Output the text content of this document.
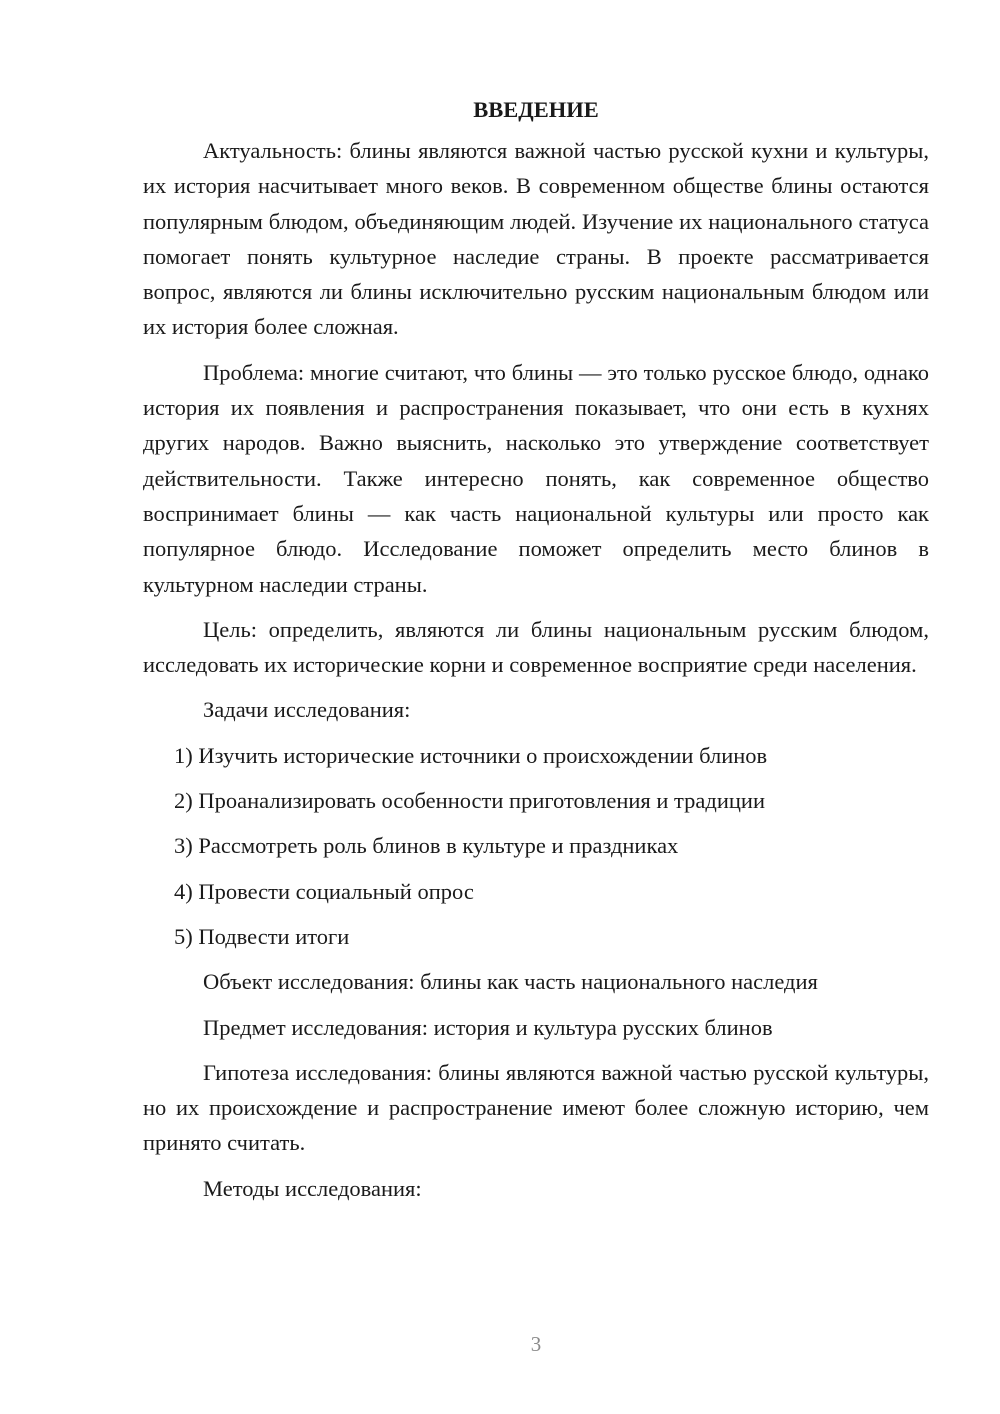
ВВЕДЕНИЕ

Актуальность: блины являются важной частью русской кухни и культуры, их история насчитывает много веков. В современном обществе блины остаются популярным блюдом, объединяющим людей. Изучение их национального статуса помогает понять культурное наследие страны. В проекте рассматривается вопрос, являются ли блины исключительно русским национальным блюдом или их история более сложная.

Проблема: многие считают, что блины — это только русское блюдо, однако история их появления и распространения показывает, что они есть в кухнях других народов. Важно выяснить, насколько это утверждение соответствует действительности. Также интересно понять, как современное общество воспринимает блины — как часть национальной культуры или просто как популярное блюдо. Исследование поможет определить место блинов в культурном наследии страны.

Цель: определить, являются ли блины национальным русским блюдом, исследовать их исторические корни и современное восприятие среди населения.

Задачи исследования:
1) Изучить исторические источники о происхождении блинов
2) Проанализировать особенности приготовления и традиции
3) Рассмотреть роль блинов в культуре и праздниках
4) Провести социальный опрос
5) Подвести итоги
Объект исследования: блины как часть национального наследия
Предмет исследования: история и культура русских блинов

Гипотеза исследования: блины являются важной частью русской культуры, но их происхождение и распространение имеют более сложную историю, чем принято считать.

Методы исследования:
3
